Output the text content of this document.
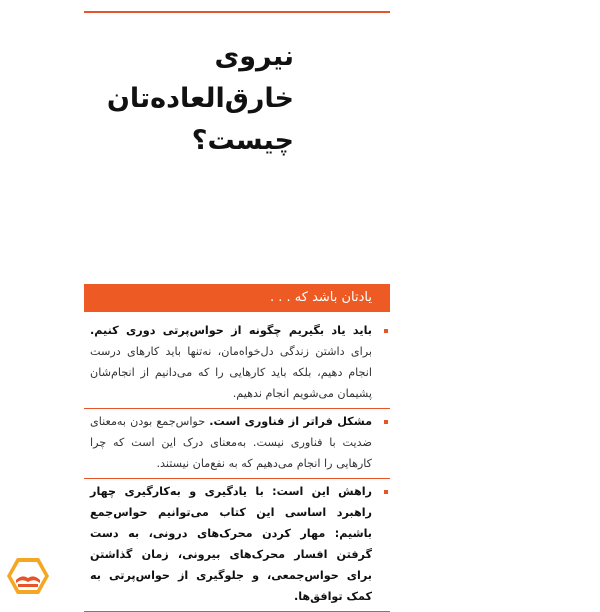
نیروی
خارق‌العاده‌تان
چیست؟
یادتان باشد که . . .
باید یاد بگیریم چگونه از حواس‌پرتی دوری کنیم. برای داشتن زندگی دل‌خواه‌مان، نه‌تنها باید کارهای درست انجام دهیم، بلکه باید کارهایی را که می‌دانیم از انجام‌شان پشیمان می‌شویم انجام ندهیم.
مشکل فراتر از فناوری است. حواس‌جمع بودن به‌معنای ضدیت با فناوری نیست. به‌معنای درک این است که چرا کارهایی را انجام می‌دهیم که به نفع‌مان نیستند.
راهش این است: با یادگیری و به‌کارگیری چهار راهبرد اساسی این کتاب می‌توانیم حواس‌جمع باشیم: مهار کردن محرک‌های درونی، به دست گرفتن افسار محرک‌های بیرونی، زمان گذاشتن برای حواس‌جمعی، و جلوگیری از حواس‌پرتی به کمک توافق‌ها.
